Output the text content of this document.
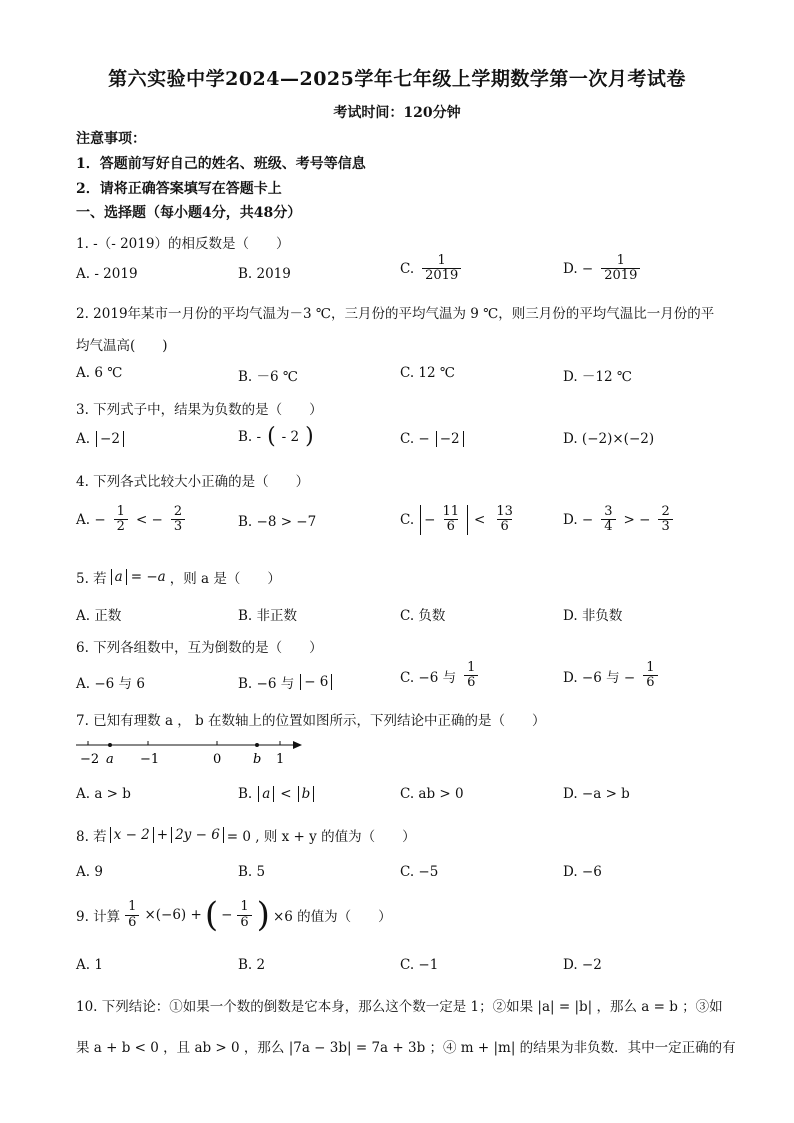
第六实验中学2024—2025学年七年级上学期数学第一次月考试卷
考试时间：120分钟
注意事项：
1．答题前写好自己的姓名、班级、考号等信息
2．请将正确答案填写在答题卡上
一、选择题（每小题4分，共48分）
1. -（- 2019）的相反数是（　　）
A. - 2019	B. 2019	C. $\frac{1}{2019}$	D. − $\frac{1}{2019}$
2. 2019年某市一月份的平均气温为－3 ℃，三月份的平均气温为 9 ℃，则三月份的平均气温比一月份的平
均气温高(　　)
A. 6 ℃	B. －6 ℃	C. 12 ℃	D. －12 ℃
3. 下列式子中，结果为负数的是（　　）
A. −2	B. - ( - 2 )	C. − −2	D. (−2)×(−2)
4. 下列各式比较大小正确的是（　　）
A. − $\frac{1}{2}$ < − $\frac{2}{3}$	B. −8 > −7	C. − $\frac{11}{6} < \frac{13}{6}$	D. − $\frac{3}{4}$ > − $\frac{2}{3}$
5. 若 a = −a ，则 a 是（　　）
A. 正数	B. 非正数	C. 负数	D. 非负数
6. 下列各组数中，互为倒数的是（　　）
A. −6 与 6	B. −6 与 − 6	C. −6 与 $\frac{1}{6}$	D. −6 与 − $\frac{1}{6}$
7. 已知有理数 a ， b 在数轴上的位置如图所示，下列结论中正确的是（　　）
−2 a −1	0 b 1
A. a > b	B. a < b	C. ab > 0	D. −a > b
8. 若 x − 2 + 2y − 6 = 0 , 则 x + y 的值为（　　）
A. 9	B. 5	C. −5	D. −6
9. 计算 $\frac{1}{6} \times(-6)$ + ( − $\frac{1}{6}$ ) ×6 的值为（　　）
A. 1	B. 2	C. −1	D. −2
10. 下列结论：①如果一个数的倒数是它本身，那么这个数一定是 1；②如果 |a| = |b| ，那么 a = b ；③如
果 a + b < 0 ，且 ab > 0 ，那么 |7a − 3b| = 7a + 3b ；④ m + |m| 的结果为非负数．其中一定正确的有
